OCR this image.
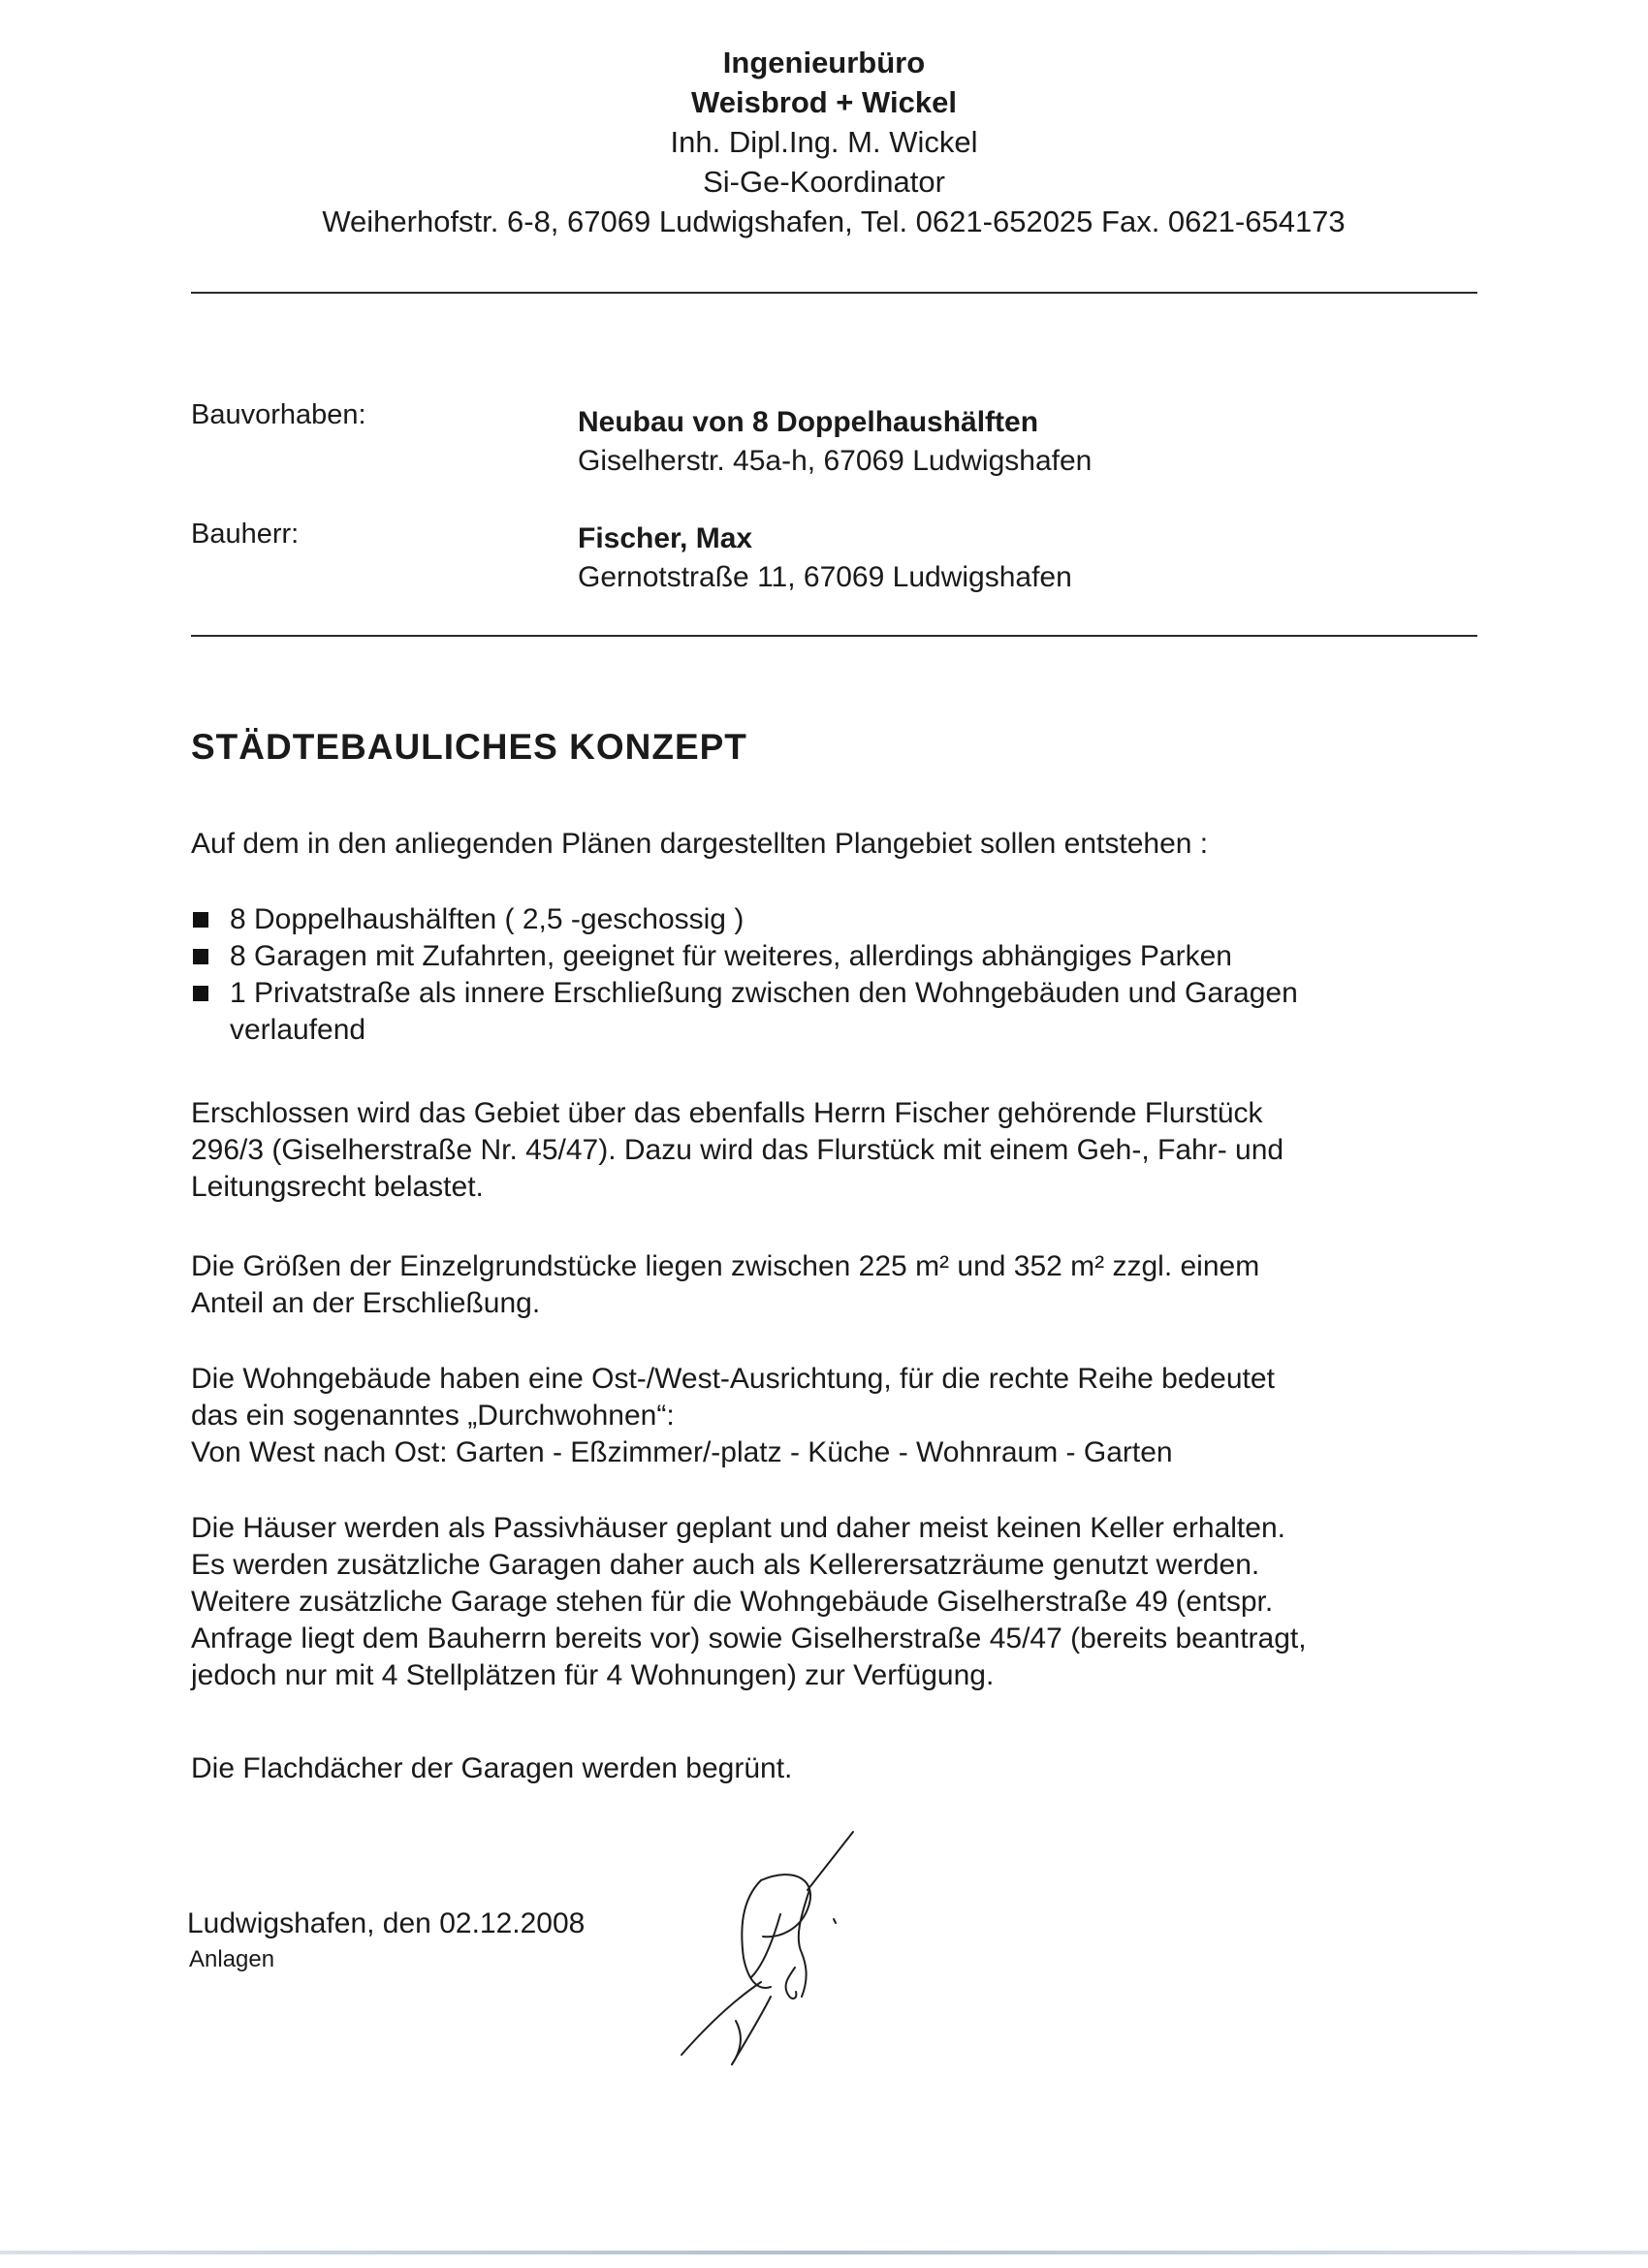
Ingenieurbüro
Weisbrod + Wickel
Inh. Dipl.Ing. M. Wickel
Si-Ge-Koordinator
Weiherhofstr. 6-8, 67069 Ludwigshafen, Tel. 0621-652025 Fax. 0621-654173
Bauvorhaben:	Neubau von 8 Doppelhaushälften
Giselherstr. 45a-h, 67069 Ludwigshafen
Bauherr:	Fischer, Max
Gernotstraße 11, 67069 Ludwigshafen
STÄDTEBAULICHES KONZEPT
Auf dem in den anliegenden Plänen dargestellten Plangebiet sollen entstehen :
8 Doppelhaushälften ( 2,5 -geschossig )
8 Garagen mit Zufahrten, geeignet für weiteres, allerdings abhängiges Parken
1 Privatstraße als innere Erschließung zwischen den Wohngebäuden und Garagen
verlaufend
Erschlossen wird das Gebiet über das ebenfalls Herrn Fischer gehörende Flurstück
296/3 (Giselherstraße Nr. 45/47). Dazu wird das Flurstück mit einem Geh-, Fahr- und
Leitungsrecht belastet.
Die Größen der Einzelgrundstücke liegen zwischen 225 m² und 352 m² zzgl. einem
Anteil an der Erschließung.
Die Wohngebäude haben eine Ost-/West-Ausrichtung, für die rechte Reihe bedeutet
das ein sogenanntes „Durchwohnen“:
Von West nach Ost: Garten - Eßzimmer/-platz - Küche - Wohnraum - Garten
Die Häuser werden als Passivhäuser geplant und daher meist keinen Keller erhalten.
Es werden zusätzliche Garagen daher auch als Kellerersatzräume genutzt werden.
Weitere zusätzliche Garage stehen für die Wohngebäude Giselherstraße 49 (entspr.
Anfrage liegt dem Bauherrn bereits vor) sowie Giselherstraße 45/47 (bereits beantragt,
jedoch nur mit 4 Stellplätzen für 4 Wohnungen) zur Verfügung.
Die Flachdächer der Garagen werden begrünt.
Ludwigshafen, den 02.12.2008
Anlagen
